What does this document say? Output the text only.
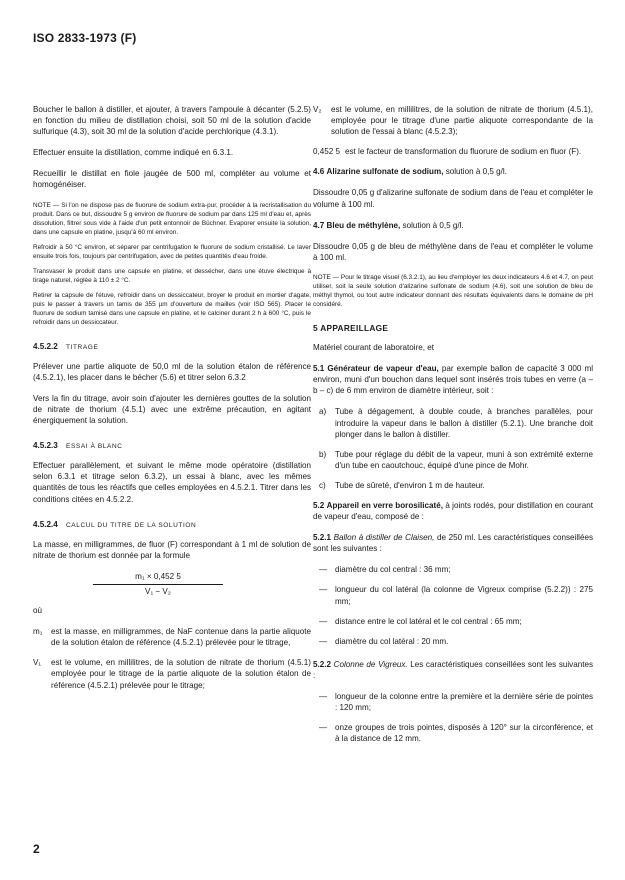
ISO 2833-1973 (F)

Boucher le ballon à distiller, et ajouter, à travers l'ampoule à décanter (5.2.5) en fonction du milieu de distillation choisi, soit 50 ml de la solution d'acide sulfurique (4.3), soit 30 ml de la solution d'acide perchlorique (4.3.1).

Effectuer ensuite la distillation, comme indiqué en 6.3.1.

Recueillir le distillat en fiole jaugée de 500 ml, compléter au volume et homogénéiser.

NOTE — Si l'on ne dispose pas de fluorure de sodium extra-pur, procéder à la recristallisation du produit. Dans ce but, dissoudre 5 g environ de fluorure de sodium par dans 125 ml d'eau et, après dissolution, filtrer sous vide à l'aide d'un petit entonnoir de Büchner. Evaporer ensuite la solution, dans une capsule en platine, jusqu'à 60 ml environ.

Refroidir à 50 °C environ, et séparer par centrifugation le fluorure de sodium cristallisé. Le laver ensuite trois fois, toujours par centrifugation, avec de petites quantités d'eau froide.

Transvaser le produit dans une capsule en platine, et dessécher, dans une étuve électrique à tirage naturel, réglée à 110 ± 2 °C.

Retirer la capsule de l'étuve, refroidir dans un dessiccateur, broyer le produit en mortier d'agate, puis le passer à travers un tamis de 355 µm d'ouverture de mailles (voir ISO 565). Placer le fluorure de sodium tamisé dans une capsule en platine, et le calciner durant 2 h à 600 °C, puis le refroidir dans un dessiccateur.

4.5.2.2 TITRAGE

Prélever une partie aliquote de 50,0 ml de la solution étalon de référence (4.5.2.1), les placer dans le bécher (5.6) et titrer selon 6.3.2

Vers la fin du titrage, avoir soin d'ajouter les dernières gouttes de la solution de nitrate de thorium (4.5.1) avec une extrême précaution, en agitant énergiquement la solution.

4.5.2.3 ESSAI À BLANC

Effectuer parallèlement, et suivant le même mode opératoire (distillation selon 6.3.1 et titrage selon 6.3.2), un essai à blanc, avec les mêmes quantités de tous les réactifs que celles employées en 4.5.2.1. Titrer dans les conditions citées en 4.5.2.2.

4.5.2.4 CALCUL DU TITRE DE LA SOLUTION

La masse, en milligrammes, de fluor (F) correspondant à 1 ml de solution de nitrate de thorium est donnée par la formule

m₁ × 0,452 5
V₁ − V₂

où

m₁	est la masse, en milligrammes, de NaF contenue dans la partie aliquote de la solution étalon de référence (4.5.2.1) prélevée pour le titrage,
V₁	est le volume, en millilitres, de la solution de nitrate de thorium (4.5.1) employée pour le titrage de la partie aliquote de la solution étalon de référence (4.5.2.1) prélevée pour le titrage;
V₂	est le volume, en millilitres, de la solution de nitrate de thorium (4.5.1), employée pour le titrage d'une partie aliquote correspondante de la solution de l'essai à blanc (4.5.2.3);
0,452 5 est le facteur de transformation du fluorure de sodium en fluor (F).

4.6 Alizarine sulfonate de sodium, solution à 0,5 g/l.

Dissoudre 0,05 g d'alizarine sulfonate de sodium dans de l'eau et compléter le volume à 100 ml.

4.7 Bleu de méthylène, solution à 0,5 g/l.

Dissoudre 0,05 g de bleu de méthylène dans de l'eau et compléter le volume à 100 ml.

NOTE — Pour le titrage visuel (6.3.2.1), au lieu d'employer les deux indicateurs 4.6 et 4.7, on peut utiliser, soit la seule solution d'alizarine sulfonate de sodium (4.6), soit une solution de bleu de méthyl thymol, ou tout autre indicateur donnant des résultats équivalents dans le domaine de pH considéré.

5 APPAREILLAGE

Matériel courant de laboratoire, et

5.1 Générateur de vapeur d'eau, par exemple ballon de capacité 3 000 ml environ, muni d'un bouchon dans lequel sont insérés trois tubes en verre (a – b – c) de 6 mm environ de diamètre intérieur, soit :

a)	Tube à dégagement, à double coude, à branches parallèles, pour introduire la vapeur dans le ballon à distiller (5.2.1). Une branche doit plonger dans le ballon à distiller.
b)	Tube pour réglage du débit de la vapeur, muni à son extrémité externe d'un tube en caoutchouc, équipé d'une pince de Mohr.
c)	Tube de sûreté, d'environ 1 m de hauteur.

5.2 Appareil en verre borosilicaté, à joints rodés, pour distillation en courant de vapeur d'eau, composé de :

5.2.1 Ballon à distiller de Claisen, de 250 ml. Les caractéristiques conseillées sont les suivantes :

— diamètre du col central : 36 mm;
— longueur du col latéral (la colonne de Vigreux comprise (5.2.2)) : 275 mm;
— distance entre le col latéral et le col central : 65 mm;
— diamètre du col latéral : 20 mm.

5.2.2 Colonne de Vigreux. Les caractéristiques conseillées sont les suivantes :

— longueur de la colonne entre la première et la dernière série de pointes : 120 mm;
— onze groupes de trois pointes, disposés à 120° sur la circonférence, et à la distance de 12 mm.
2
